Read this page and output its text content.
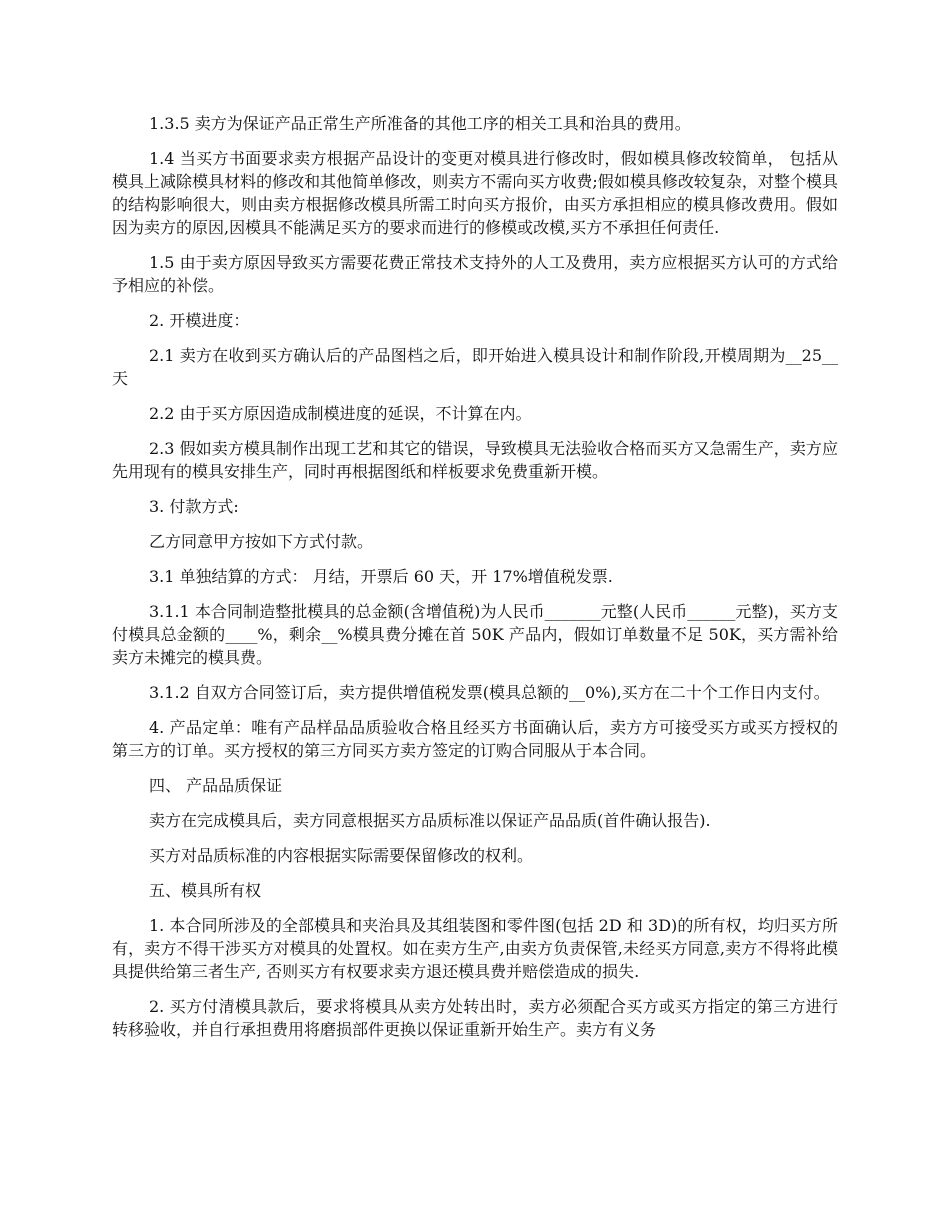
1.3.5 卖方为保证产品正常生产所准备的其他工序的相关工具和治具的费用。

1.4 当买方书面要求卖方根据产品设计的变更对模具进行修改时，假如模具修改较简单， 包括从模具上减除模具材料的修改和其他简单修改，则卖方不需向买方收费;假如模具修改较复杂，对整个模具的结构影响很大，则由卖方根据修改模具所需工时向买方报价，由买方承担相应的模具修改费用。假如因为卖方的原因,因模具不能满足买方的要求而进行的修模或改模,买方不承担任何责任.

1.5 由于卖方原因导致买方需要花费正常技术支持外的人工及费用，卖方应根据买方认可的方式给予相应的补偿。

2. 开模进度：

2.1 卖方在收到买方确认后的产品图档之后，即开始进入模具设计和制作阶段,开模周期为__25__天

2.2 由于买方原因造成制模进度的延误，不计算在内。

2.3 假如卖方模具制作出现工艺和其它的错误，导致模具无法验收合格而买方又急需生产，卖方应先用现有的模具安排生产，同时再根据图纸和样板要求免费重新开模。

3. 付款方式:

乙方同意甲方按如下方式付款。

3.1 单独结算的方式： 月结，开票后 60 天，开 17%增值税发票.

3.1.1 本合同制造整批模具的总金额(含增值税)为人民币_______元整(人民币______元整)，买方支付模具总金额的____%，剩余__%模具费分摊在首 50K 产品内，假如订单数量不足 50K，买方需补给卖方未摊完的模具费。

3.1.2 自双方合同签订后，卖方提供增值税发票(模具总额的__0%),买方在二十个工作日内支付。

4. 产品定单：唯有产品样品品质验收合格且经买方书面确认后，卖方方可接受买方或买方授权的第三方的订单。买方授权的第三方同买方卖方签定的订购合同服从于本合同。

四、 产品品质保证

卖方在完成模具后，卖方同意根据买方品质标准以保证产品品质(首件确认报告).

买方对品质标准的内容根据实际需要保留修改的权利。

五、模具所有权

1. 本合同所涉及的全部模具和夹治具及其组装图和零件图(包括 2D 和 3D)的所有权，均归买方所有，卖方不得干涉买方对模具的处置权。如在卖方生产,由卖方负责保管,未经买方同意,卖方不得将此模具提供给第三者生产, 否则买方有权要求卖方退还模具费并赔偿造成的损失.

2. 买方付清模具款后，要求将模具从卖方处转出时，卖方必须配合买方或买方指定的第三方进行转移验收，并自行承担费用将磨损部件更换以保证重新开始生产。卖方有义务
